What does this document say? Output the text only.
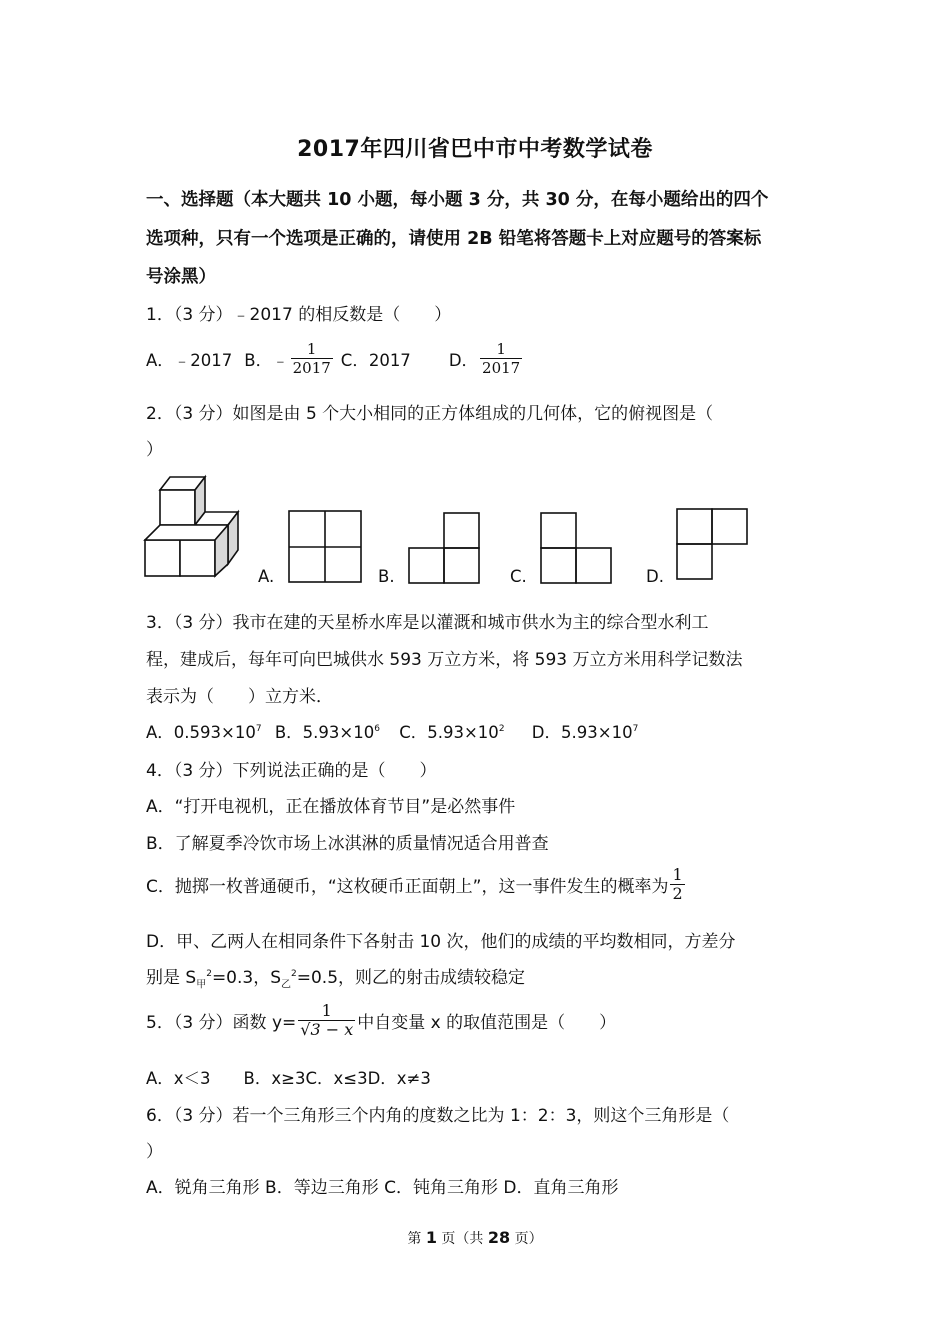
2017年四川省巴中市中考数学试卷
一、选择题（本大题共 10 小题，每小题 3 分，共 30 分，在每小题给出的四个
选项种，只有一个选项是正确的，请使用 2B 铅笔将答题卡上对应题号的答案标
号涂黑）
1．（3 分）﹣2017 的相反数是（　　）
A．﹣2017 B．﹣ $\frac{1}{2017}$ C．2017 D． $\frac{1}{2017}$
2．（3 分）如图是由 5 个大小相同的正方体组成的几何体，它的俯视图是（
）
A.	B.	C.	D.
3．（3 分）我市在建的天星桥水库是以灌溉和城市供水为主的综合型水利工
程，建成后，每年可向巴城供水 593 万立方米，将 593 万立方米用科学记数法
表示为（　　）立方米．
A．$0.593\times 10^7$ B．$5.93\times 10^6$ C．$5.93\times 10^2$ D．$5.93\times 10^7$
4．（3 分）下列说法正确的是（　　）
A．“打开电视机，正在播放体育节目”是必然事件
B．了解夏季冷饮市场上冰淇淋的质量情况适合用普查
C．抛掷一枚普通硬币，“这枚硬币正面朝上”，这一事件发生的概率为 $\frac{1}{2}$
D．甲、乙两人在相同条件下各射击 10 次，他们的成绩的平均数相同，方差分
别是 $S_甲^2=0.3$，$S_乙^2=0.5$，则乙的射击成绩较稳定
5．（3 分）函数 $y= \frac{1}{√3 - x}$ 中自变量 x 的取值范围是（　　）
A．x＜3　　B．x≥3C．x≤3D．x≠3
6．（3 分）若一个三角形三个内角的度数之比为 1：2：3，则这个三角形是（
）
A．锐角三角形 B．等边三角形 C．钝角三角形 D．直角三角形
第 1 页（共 28 页）
